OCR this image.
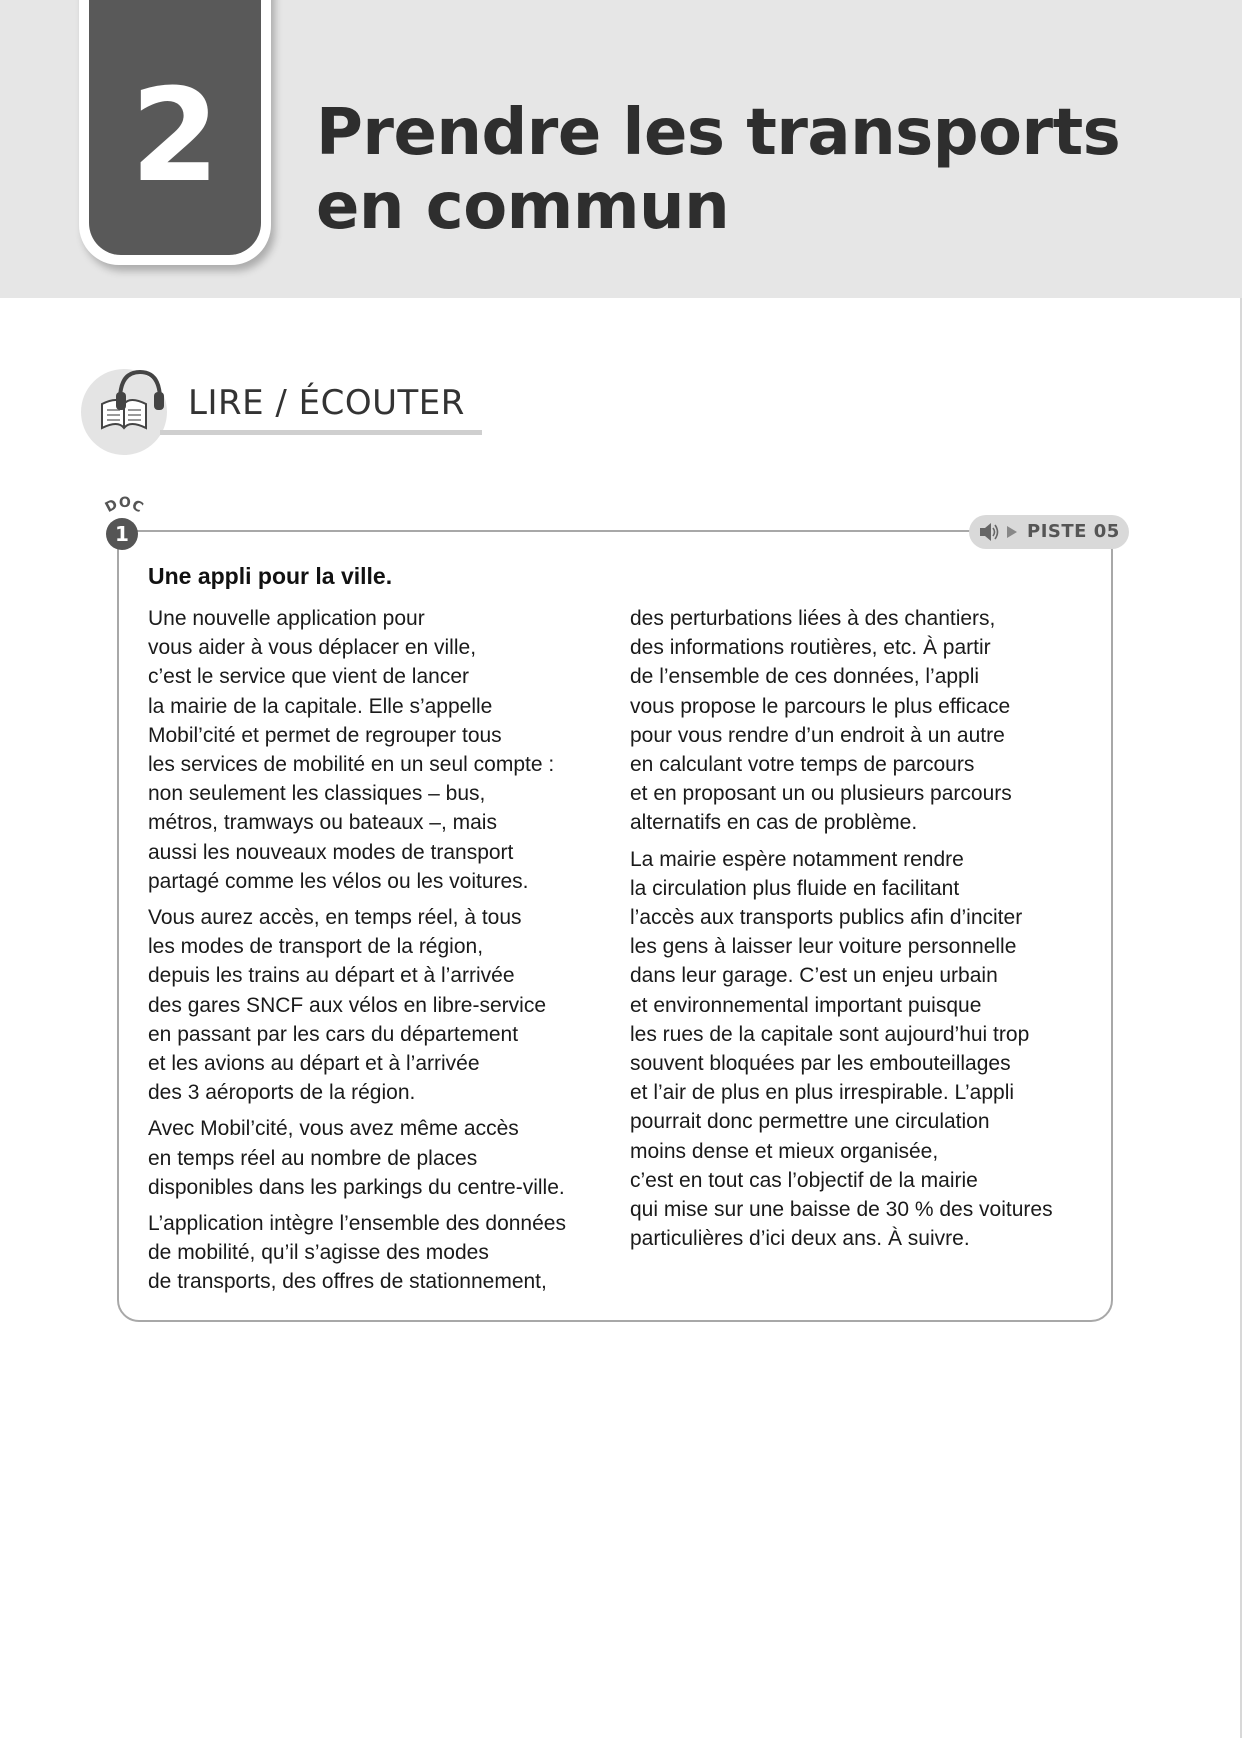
2	Prendre les transports
en commun
LIRE / ÉCOUTER
DOC
1	PISTE 05
Une appli pour la ville.
Une nouvelle application pour
vous aider à vous déplacer en ville,
c’est le service que vient de lancer
la mairie de la capitale. Elle s’appelle
Mobil’cité et permet de regrouper tous
les services de mobilité en un seul compte :
non seulement les classiques – bus,
métros, tramways ou bateaux –, mais
aussi les nouveaux modes de transport
partagé comme les vélos ou les voitures.
Vous aurez accès, en temps réel, à tous
les modes de transport de la région,
depuis les trains au départ et à l’arrivée
des gares SNCF aux vélos en libre-service
en passant par les cars du département
et les avions au départ et à l’arrivée
des 3 aéroports de la région.
Avec Mobil’cité, vous avez même accès
en temps réel au nombre de places
disponibles dans les parkings du centre-ville.
L’application intègre l’ensemble des données
de mobilité, qu’il s’agisse des modes
de transports, des offres de stationnement,
des perturbations liées à des chantiers,
des informations routières, etc. À partir
de l’ensemble de ces données, l’appli
vous propose le parcours le plus efficace
pour vous rendre d’un endroit à un autre
en calculant votre temps de parcours
et en proposant un ou plusieurs parcours
alternatifs en cas de problème.
La mairie espère notamment rendre
la circulation plus fluide en facilitant
l’accès aux transports publics afin d’inciter
les gens à laisser leur voiture personnelle
dans leur garage. C’est un enjeu urbain
et environnemental important puisque
les rues de la capitale sont aujourd’hui trop
souvent bloquées par les embouteillages
et l’air de plus en plus irrespirable. L’appli
pourrait donc permettre une circulation
moins dense et mieux organisée,
c’est en tout cas l’objectif de la mairie
qui mise sur une baisse de 30 % des voitures
particulières d’ici deux ans. À suivre.
